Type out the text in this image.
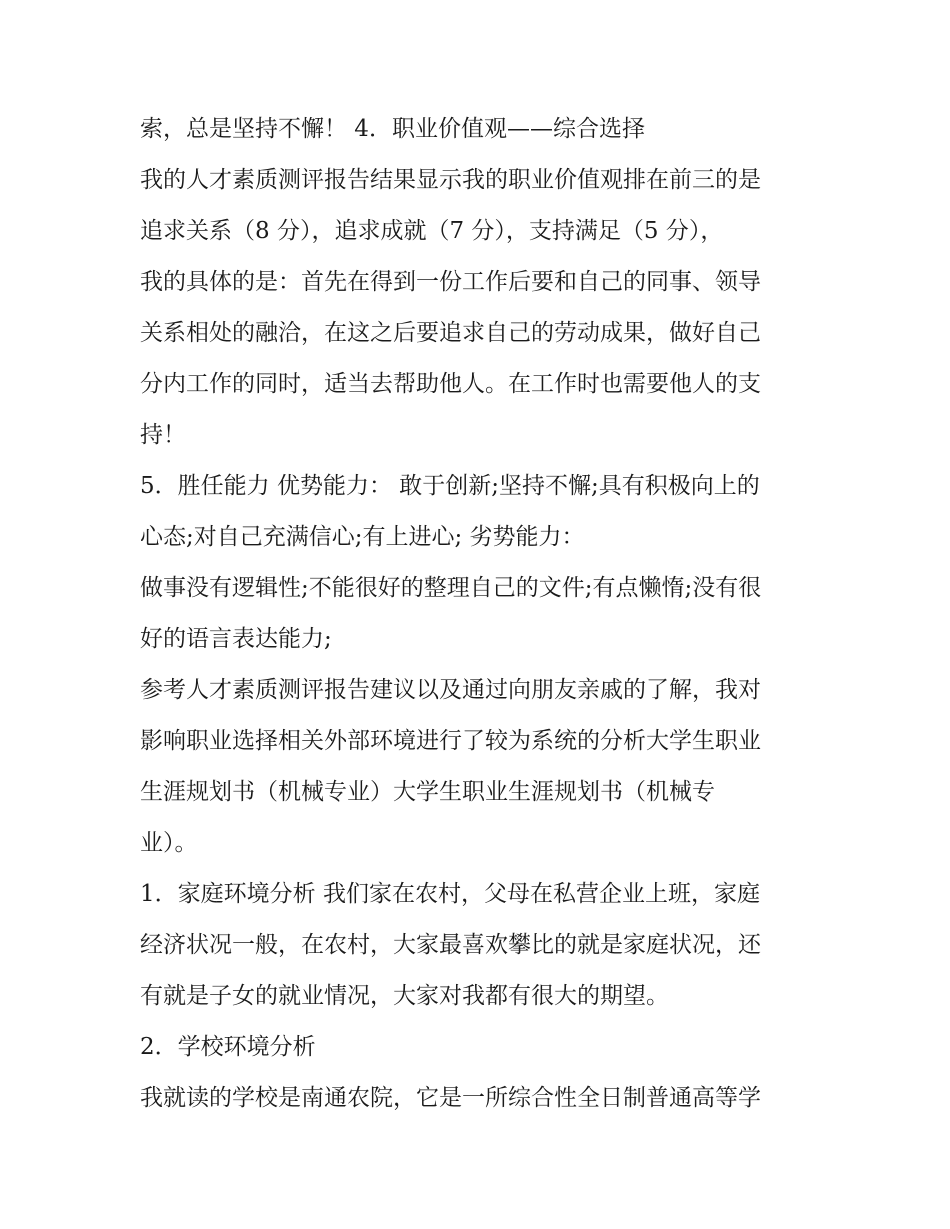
索，总是坚持不懈！ 4．职业价值观——综合选择
我的人才素质测评报告结果显示我的职业价值观排在前三的是
追求关系（8 分），追求成就（7 分），支持满足（5 分），
我的具体的是：首先在得到一份工作后要和自己的同事、领导
关系相处的融洽，在这之后要追求自己的劳动成果，做好自己
分内工作的同时，适当去帮助他人。在工作时也需要他人的支
持！
5．胜任能力 优势能力： 敢于创新;坚持不懈;具有积极向上的
心态;对自己充满信心;有上进心; 劣势能力：
做事没有逻辑性;不能很好的整理自己的文件;有点懒惰;没有很
好的语言表达能力;
参考人才素质测评报告建议以及通过向朋友亲戚的了解，我对
影响职业选择相关外部环境进行了较为系统的分析大学生职业
生涯规划书（机械专业）大学生职业生涯规划书（机械专
业）。
1．家庭环境分析 我们家在农村，父母在私营企业上班，家庭
经济状况一般，在农村，大家最喜欢攀比的就是家庭状况，还
有就是子女的就业情况，大家对我都有很大的期望。
2．学校环境分析
我就读的学校是南通农院，它是一所综合性全日制普通高等学
